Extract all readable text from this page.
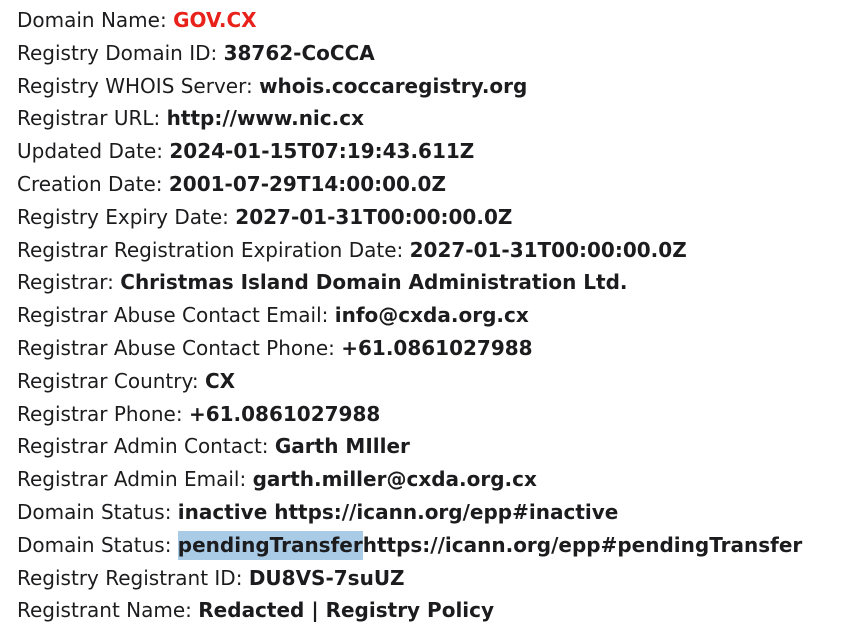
Domain Name: GOV.CX
Registry Domain ID: 38762-CoCCA
Registry WHOIS Server: whois.coccaregistry.org
Registrar URL: http://www.nic.cx
Updated Date: 2024-01-15T07:19:43.611Z
Creation Date: 2001-07-29T14:00:00.0Z
Registry Expiry Date: 2027-01-31T00:00:00.0Z
Registrar Registration Expiration Date: 2027-01-31T00:00:00.0Z
Registrar: Christmas Island Domain Administration Ltd.
Registrar Abuse Contact Email: info@cxda.org.cx
Registrar Abuse Contact Phone: +61.0861027988
Registrar Country: CX
Registrar Phone: +61.0861027988
Registrar Admin Contact: Garth MIller
Registrar Admin Email: garth.miller@cxda.org.cx
Domain Status: inactive https://icann.org/epp#inactive
Domain Status: pendingTransferhttps://icann.org/epp#pendingTransfer
Registry Registrant ID: DU8VS-7suUZ
Registrant Name: Redacted | Registry Policy
